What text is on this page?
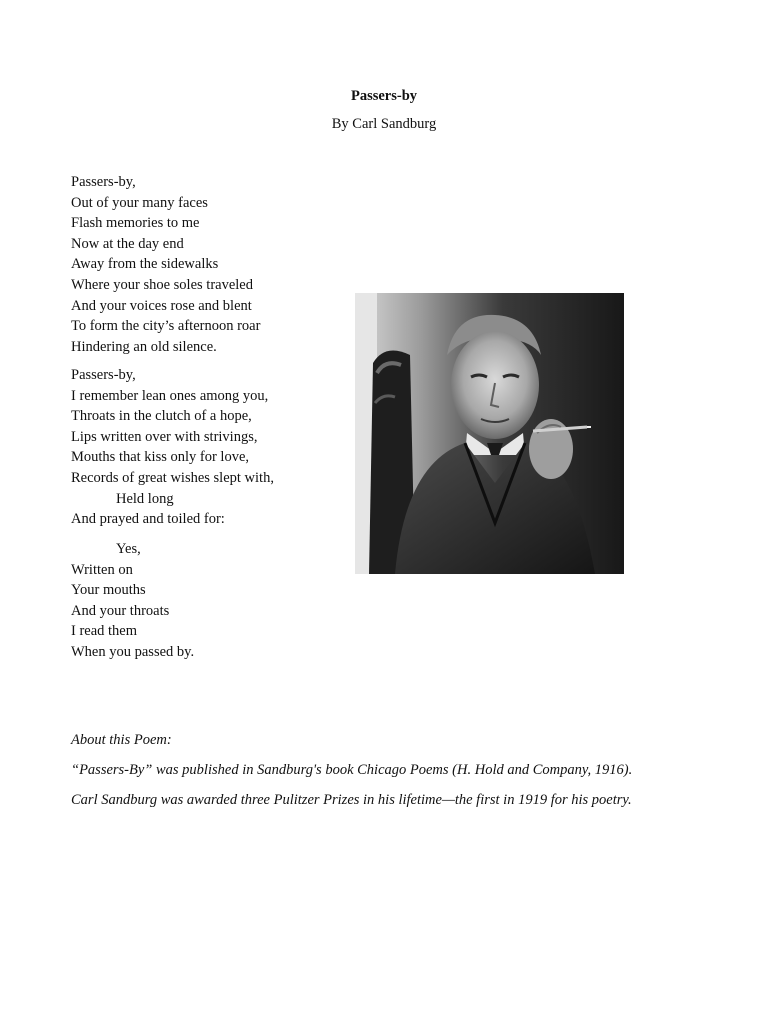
Passers-by
By Carl Sandburg
Passers-by,
Out of your many faces
Flash memories to me
Now at the day end
Away from the sidewalks
Where your shoe soles traveled
And your voices rose and blent
To form the city’s afternoon roar
Hindering an old silence.
Passers-by,
I remember lean ones among you,
Throats in the clutch of a hope,
Lips written over with strivings,
Mouths that kiss only for love,
Records of great wishes slept with,
Held long
And prayed and toiled for:
Yes,
Written on
Your mouths
And your throats
I read them
When you passed by.
About this Poem:
“Passers-By” was published in Sandburg's book Chicago Poems (H. Hold and Company, 1916).
Carl Sandburg was awarded three Pulitzer Prizes in his lifetime—the first in 1919 for his poetry.
